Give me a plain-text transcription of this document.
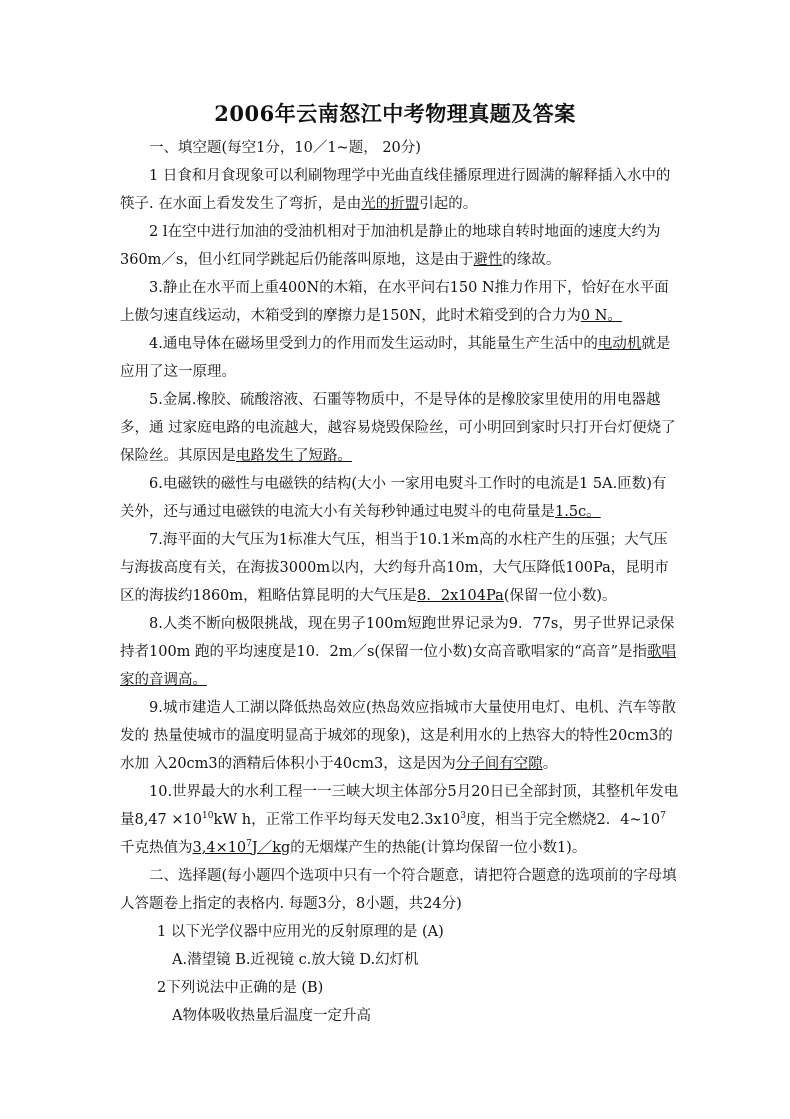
2006年云南怒江中考物理真题及答案

一、填空题(每空1分，10／1~题， 20分)

1 日食和月食现象可以利刷物理学中光曲直线佳播原理进行圆满的解释插入水中的筷子. 在水面上看发发生了弯折，是由光的折盟引起的。

2 l在空中进行加油的受油机相对于加油机是静止的地球自转时地面的速度大约为360m／s，但小红同学跳起后仍能落叫原地，这是由于避性的缘故。

3.静止在水平而上重400N的木箱，在水平问右150 N推力作用下，恰好在水平面上傲匀速直线运动，木箱受到的摩擦力是150N，此时术箱受到的合力为0 N。

4.通电导体在磁场里受到力的作用而发生运动时，其能量生产生活中的电动机就是应用了这一原理。

5.金属.橡胶、硫酸溶液、石噩等物质中，不是导体的是橡胶家里使用的用电器越多，通 过家庭电路的电流越大，越容易烧毁保险丝，可小明回到家时只打开台灯便烧了保险丝。其原因是电路发生了短路。

6.电磁铁的磁性与电磁铁的结构(大小 一家用电熨斗工作时的电流是1 5A.匝数)有关外，还与通过电磁铁的电流大小有关每秒钟通过电熨斗的电荷量是1.5c。

7.海平面的大气压为1标准大气压，相当于10.1米m高的水柱产生的压强；大气压与海拔高度有关，在海拔3000m以内，大约每升高10m，大气压降低100Pa，昆明市区的海拔约1860m，粗略估算昆明的大气压是8．2x104Pa(保留一位小数)。

8.人类不断向极限挑战，现在男子100m短跑世界记录为9．77s，男子世界记录保持者100m 跑的平均速度是10．2m／s(保留一位小数)女高音歌唱家的“高音”是指歌唱家的音调高。

9.城市建造人工湖以降低热岛效应(热岛效应指城市大量使用电灯、电机、汽车等散发的 热量使城市的温度明显高于城郊的现象)，这是利用水的上热容大的特性20cm3的水加 入20cm3的酒精后体积小于40cm3，这是因为分子间有空隙。

10.世界最大的水利工程一一三峡大坝主体部分5月20日已全部封顶，其整机年发电量$8,47 \times 10^{10}kW$ h，正常工作平均每天发电$2.3x10^3$度，相当于完全燃烧2．$4\sim 10^7$千克热值为$3,4\times 10^7J/kg$的无烟煤产生的热能(计算均保留一位小数1)。

二、选择题(每小题四个选项中只有一个符合题意，请把符合题意的选项前的字母填人答题卷上指定的表格内. 每题3分，8小题，共24分)

1 以下光学仪器中应用光的反射原理的是 (A)

A.潜望镜 B.近视镜 c.放大镜 D.幻灯机

2下列说法中正确的是 (B)

A物体吸收热量后温度一定升高
